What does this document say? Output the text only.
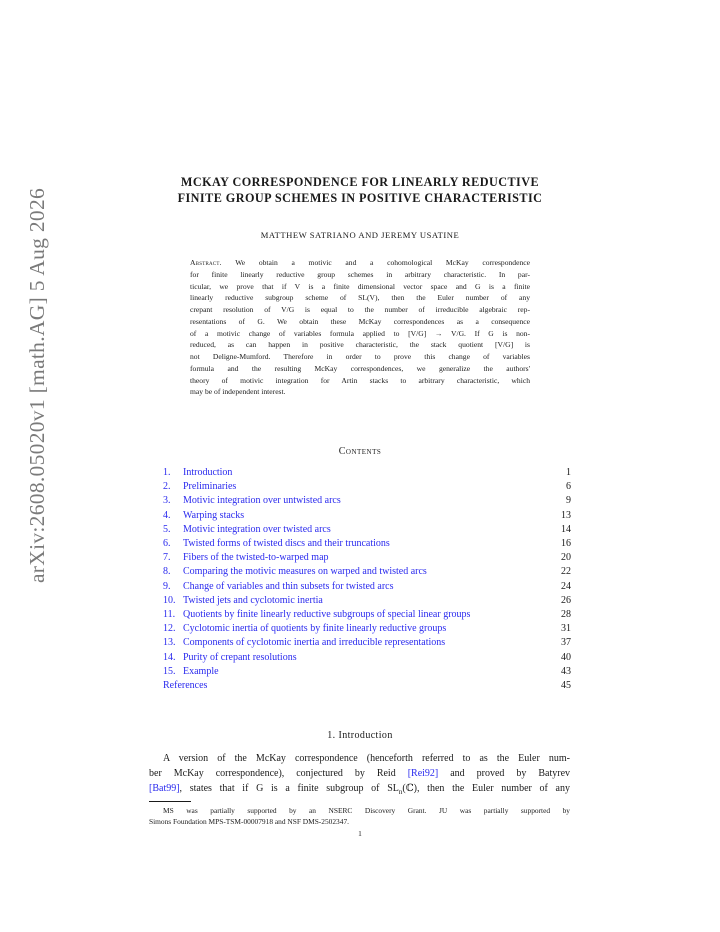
arXiv:2608.05020v1 [math.AG] 5 Aug 2026
MCKAY CORRESPONDENCE FOR LINEARLY REDUCTIVE
FINITE GROUP SCHEMES IN POSITIVE CHARACTERISTIC
MATTHEW SATRIANO AND JEREMY USATINE
Abstract. We obtain a motivic and a cohomological McKay correspondence
for finite linearly reductive group schemes in arbitrary characteristic. In par-
ticular, we prove that if V is a finite dimensional vector space and G is a finite
linearly reductive subgroup scheme of SL(V), then the Euler number of any
crepant resolution of V/G is equal to the number of irreducible algebraic rep-
resentations of G. We obtain these McKay correspondences as a consequence
of a motivic change of variables formula applied to [V/G] → V/G. If G is non-
reduced, as can happen in positive characteristic, the stack quotient [V/G] is
not Deligne-Mumford. Therefore in order to prove this change of variables
formula and the resulting McKay correspondences, we generalize the authors'
theory of motivic integration for Artin stacks to arbitrary characteristic, which
may be of independent interest.
Contents
1. Introduction	1
2. Preliminaries	6
3. Motivic integration over untwisted arcs	9
4. Warping stacks	13
5. Motivic integration over twisted arcs	14
6. Twisted forms of twisted discs and their truncations	16
7. Fibers of the twisted-to-warped map	20
8. Comparing the motivic measures on warped and twisted arcs	22
9. Change of variables and thin subsets for twisted arcs	24
10. Twisted jets and cyclotomic inertia	26
11. Quotients by finite linearly reductive subgroups of special linear groups	28
12. Cyclotomic inertia of quotients by finite linearly reductive groups	31
13. Components of cyclotomic inertia and irreducible representations	37
14. Purity of crepant resolutions	40
15. Example	43
References	45
1. Introduction
A version of the McKay correspondence (henceforth referred to as the Euler num-
ber McKay correspondence), conjectured by Reid [Rei92] and proved by Batyrev
[Bat99], states that if G is a finite subgroup of $SL_n(ℂ)$, then the Euler number of any
MS was partially supported by an NSERC Discovery Grant. JU was partially supported by
Simons Foundation MPS-TSM-00007918 and NSF DMS-2502347.
1
